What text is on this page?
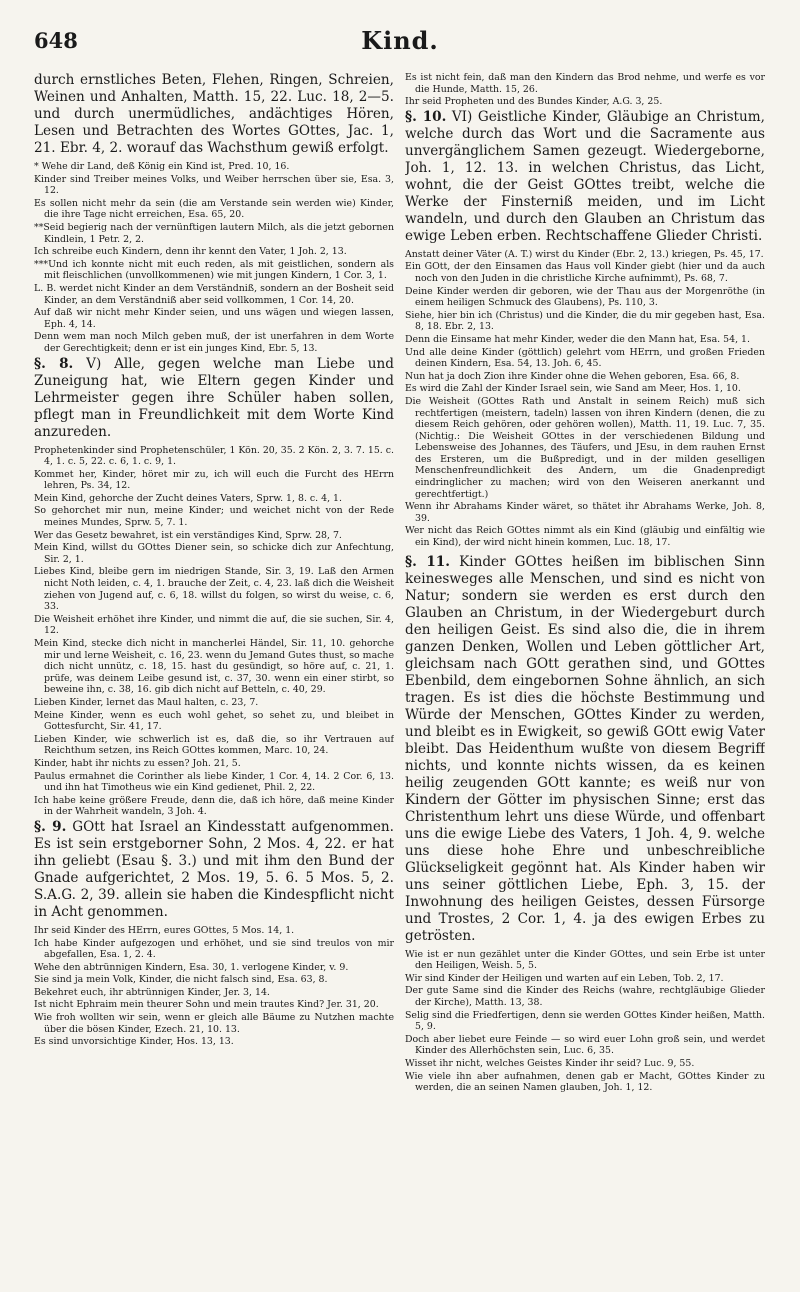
648	Kind.

durch ernstliches Beten, Flehen, Ringen, Schreien, Weinen und Anhalten, Matth. 15, 22. Luc. 18, 2—5. und durch unermüdliches, andächtiges Hören, Lesen und Betrachten des Wortes GOttes, Jac. 1, 21. Ebr. 4, 2. worauf das Wachsthum gewiß erfolgt.

* Wehe dir Land, deß König ein Kind ist, Pred. 10, 16.

Kinder sind Treiber meines Volks, und Weiber herrschen über sie, Esa. 3, 12.

Es sollen nicht mehr da sein (die am Verstande sein werden wie) Kinder, die ihre Tage nicht erreichen, Esa. 65, 20.

**Seid begierig nach der vernünftigen lautern Milch, als die jetzt gebornen Kindlein, 1 Petr. 2, 2.

Ich schreibe euch Kindern, denn ihr kennt den Vater, 1 Joh. 2, 13.

***Und ich konnte nicht mit euch reden, als mit geistlichen, sondern als mit fleischlichen (unvollkommenen) wie mit jungen Kindern, 1 Cor. 3, 1.

L. B. werdet nicht Kinder an dem Verständniß, sondern an der Bosheit seid Kinder, an dem Verständniß aber seid vollkommen, 1 Cor. 14, 20.

Auf daß wir nicht mehr Kinder seien, und uns wägen und wiegen lassen, Eph. 4, 14.

Denn wem man noch Milch geben muß, der ist unerfahren in dem Worte der Gerechtigkeit; denn er ist ein junges Kind, Ebr. 5, 13.

§. 8. V) Alle, gegen welche man Liebe und Zuneigung hat, wie Eltern gegen Kinder und Lehrmeister gegen ihre Schüler haben sollen, pflegt man in Freundlichkeit mit dem Worte Kind anzureden.

Prophetenkinder sind Prophetenschüler, 1 Kön. 20, 35. 2 Kön. 2, 3. 7. 15. c. 4, 1. c. 5, 22. c. 6, 1. c. 9, 1.

Kommet her, Kinder, höret mir zu, ich will euch die Furcht des HErrn lehren, Ps. 34, 12.

Mein Kind, gehorche der Zucht deines Vaters, Sprw. 1, 8. c. 4, 1.

So gehorchet mir nun, meine Kinder; und weichet nicht von der Rede meines Mundes, Sprw. 5, 7. 1.

Wer das Gesetz bewahret, ist ein verständiges Kind, Sprw. 28, 7.

Mein Kind, willst du GOttes Diener sein, so schicke dich zur Anfechtung, Sir. 2, 1.

Liebes Kind, bleibe gern im niedrigen Stande, Sir. 3, 19. Laß den Armen nicht Noth leiden, c. 4, 1. brauche der Zeit, c. 4, 23. laß dich die Weisheit ziehen von Jugend auf, c. 6, 18. willst du folgen, so wirst du weise, c. 6, 33.

Die Weisheit erhöhet ihre Kinder, und nimmt die auf, die sie suchen, Sir. 4, 12.

Mein Kind, stecke dich nicht in mancherlei Händel, Sir. 11, 10. gehorche mir und lerne Weisheit, c. 16, 23. wenn du Jemand Gutes thust, so mache dich nicht unnütz, c. 18, 15. hast du gesündigt, so höre auf, c. 21, 1. prüfe, was deinem Leibe gesund ist, c. 37, 30. wenn ein einer stirbt, so beweine ihn, c. 38, 16. gib dich nicht auf Betteln, c. 40, 29.

Lieben Kinder, lernet das Maul halten, c. 23, 7.

Meine Kinder, wenn es euch wohl gehet, so sehet zu, und bleibet in Gottesfurcht, Sir. 41, 17.

Lieben Kinder, wie schwerlich ist es, daß die, so ihr Vertrauen auf Reichthum setzen, ins Reich GOttes kommen, Marc. 10, 24.

Kinder, habt ihr nichts zu essen? Joh. 21, 5.

Paulus ermahnet die Corinther als liebe Kinder, 1 Cor. 4, 14. 2 Cor. 6, 13. und ihn hat Timotheus wie ein Kind gedienet, Phil. 2, 22.

Ich habe keine größere Freude, denn die, daß ich höre, daß meine Kinder in der Wahrheit wandeln, 3 Joh. 4.

§. 9. GOtt hat Israel an Kindesstatt aufgenommen. Es ist sein erstgeborner Sohn, 2 Mos. 4, 22. er hat ihn geliebt (Esau §. 3.) und mit ihm den Bund der Gnade aufgerichtet, 2 Mos. 19, 5. 6. 5 Mos. 5, 2. S.A.G. 2, 39. allein sie haben die Kindespflicht nicht in Acht genommen.

Ihr seid Kinder des HErrn, eures GOttes, 5 Mos. 14, 1.

Ich habe Kinder aufgezogen und erhöhet, und sie sind treulos von mir abgefallen, Esa. 1, 2. 4.

Wehe den abtrünnigen Kindern, Esa. 30, 1. verlogene Kinder, v. 9.

Sie sind ja mein Volk, Kinder, die nicht falsch sind, Esa. 63, 8.

Bekehret euch, ihr abtrünnigen Kinder, Jer. 3, 14.

Ist nicht Ephraim mein theurer Sohn und mein trautes Kind? Jer. 31, 20.

Wie froh wollten wir sein, wenn er gleich alle Bäume zu Nutzhen machte über die bösen Kinder, Ezech. 21, 10. 13.

Es sind unvorsichtige Kinder, Hos. 13, 13.

Es ist nicht fein, daß man den Kindern das Brod nehme, und werfe es vor die Hunde, Matth. 15, 26.

Ihr seid Propheten und des Bundes Kinder, A.G. 3, 25.

§. 10. VI) Geistliche Kinder, Gläubige an Christum, welche durch das Wort und die Sacramente aus unvergänglichem Samen gezeugt. Wiedergeborne, Joh. 1, 12. 13. in welchen Christus, das Licht, wohnt, die der Geist GOttes treibt, welche die Werke der Finsterniß meiden, und im Licht wandeln, und durch den Glauben an Christum das ewige Leben erben. Rechtschaffene Glieder Christi.

Anstatt deiner Väter (A. T.) wirst du Kinder (Ebr. 2, 13.) kriegen, Ps. 45, 17.

Ein GOtt, der den Einsamen das Haus voll Kinder giebt (hier und da auch noch von den Juden in die christliche Kirche aufnimmt), Ps. 68, 7.

Deine Kinder werden dir geboren, wie der Thau aus der Morgenröthe (in einem heiligen Schmuck des Glaubens), Ps. 110, 3.

Siehe, hier bin ich (Christus) und die Kinder, die du mir gegeben hast, Esa. 8, 18. Ebr. 2, 13.

Denn die Einsame hat mehr Kinder, weder die den Mann hat, Esa. 54, 1.

Und alle deine Kinder (göttlich) gelehrt vom HErrn, und großen Frieden deinen Kindern, Esa. 54, 13. Joh. 6, 45.

Nun hat ja doch Zion ihre Kinder ohne die Wehen geboren, Esa. 66, 8.

Es wird die Zahl der Kinder Israel sein, wie Sand am Meer, Hos. 1, 10.

Die Weisheit (GOttes Rath und Anstalt in seinem Reich) muß sich rechtfertigen (meistern, tadeln) lassen von ihren Kindern (denen, die zu diesem Reich gehören, oder gehören wollen), Matth. 11, 19. Luc. 7, 35. (Nichtig.: Die Weisheit GOttes in der verschiedenen Bildung und Lebensweise des Johannes, des Täufers, und JEsu, in dem rauhen Ernst des Ersteren, um die Bußpredigt, und in der milden geselligen Menschenfreundlichkeit des Andern, um die Gnadenpredigt eindringlicher zu machen; wird von den Weiseren anerkannt und gerechtfertigt.)

Wenn ihr Abrahams Kinder wäret, so thätet ihr Abrahams Werke, Joh. 8, 39.

Wer nicht das Reich GOttes nimmt als ein Kind (gläubig und einfältig wie ein Kind), der wird nicht hinein kommen, Luc. 18, 17.

§. 11. Kinder GOttes heißen im biblischen Sinn keinesweges alle Menschen, und sind es nicht von Natur; sondern sie werden es erst durch den Glauben an Christum, in der Wiedergeburt durch den heiligen Geist. Es sind also die, die in ihrem ganzen Denken, Wollen und Leben göttlicher Art, gleichsam nach GOtt gerathen sind, und GOttes Ebenbild, dem eingebornen Sohne ähnlich, an sich tragen. Es ist dies die höchste Bestimmung und Würde der Menschen, GOttes Kinder zu werden, und bleibt es in Ewigkeit, so gewiß GOtt ewig Vater bleibt. Das Heidenthum wußte von diesem Begriff nichts, und konnte nichts wissen, da es keinen heilig zeugenden GOtt kannte; es weiß nur von Kindern der Götter im physischen Sinne; erst das Christenthum lehrt uns diese Würde, und offenbart uns die ewige Liebe des Vaters, 1 Joh. 4, 9. welche uns diese hohe Ehre und unbeschreibliche Glückseligkeit gegönnt hat. Als Kinder haben wir uns seiner göttlichen Liebe, Eph. 3, 15. der Inwohnung des heiligen Geistes, dessen Fürsorge und Trostes, 2 Cor. 1, 4. ja des ewigen Erbes zu getrösten.

Wie ist er nun gezählet unter die Kinder GOttes, und sein Erbe ist unter den Heiligen, Weish. 5, 5.

Wir sind Kinder der Heiligen und warten auf ein Leben, Tob. 2, 17.

Der gute Same sind die Kinder des Reichs (wahre, rechtgläubige Glieder der Kirche), Matth. 13, 38.

Selig sind die Friedfertigen, denn sie werden GOttes Kinder heißen, Matth. 5, 9.

Doch aber liebet eure Feinde — so wird euer Lohn groß sein, und werdet Kinder des Allerhöchsten sein, Luc. 6, 35.

Wisset ihr nicht, welches Geistes Kinder ihr seid? Luc. 9, 55.

Wie viele ihn aber aufnahmen, denen gab er Macht, GOttes Kinder zu werden, die an seinen Namen glauben, Joh. 1, 12.
